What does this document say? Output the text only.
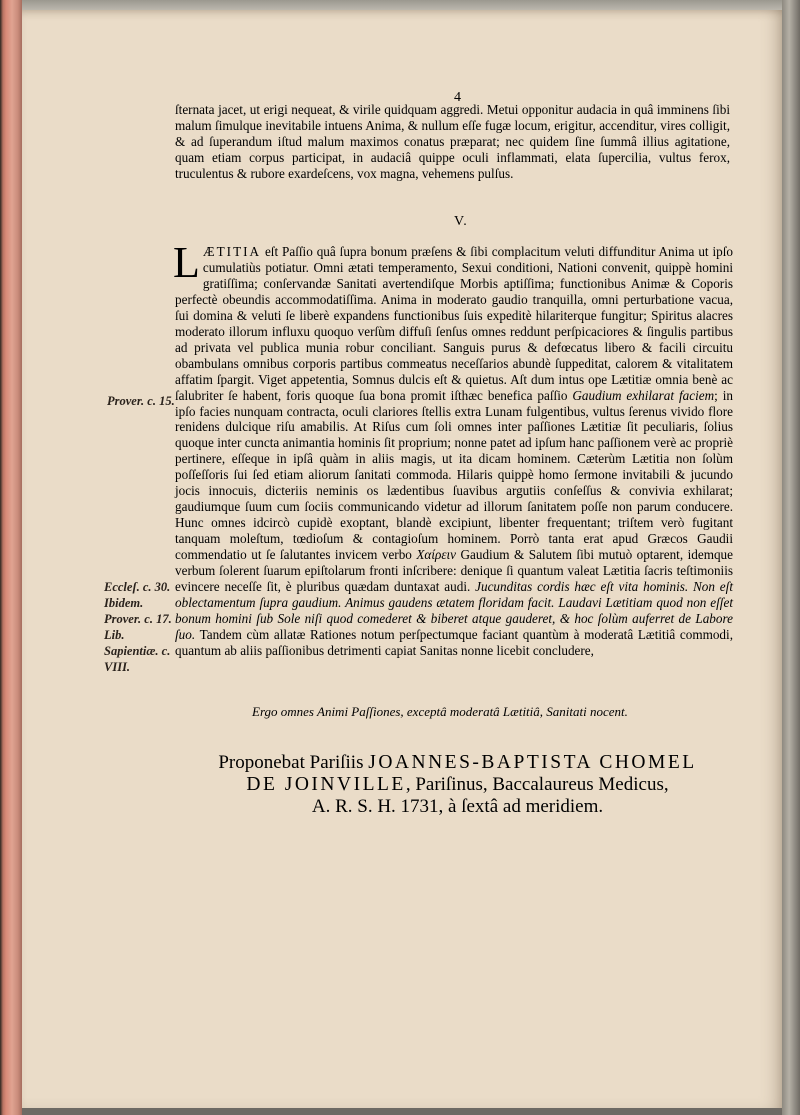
4
ſternata jacet, ut erigi nequeat, & virile quidquam aggredi. Metui opponitur audacia in quâ imminens ſibi malum ſimulque inevitabile intuens Anima, & nullum eſſe fugæ locum, erigitur, accenditur, vires colligit, & ad ſuperandum iſtud malum maximos conatus præparat; nec quidem ſine ſummâ illius agitatione, quam etiam corpus participat, in audaciâ quippe oculi inflammati, elata ſupercilia, vultus ferox, truculentus & rubore exardeſcens, vox magna, vehemens pulſus.
V.
LÆTITIA eſt Paſſio quâ ſupra bonum præſens & ſibi complacitum veluti diffunditur Anima ut ipſo cumulatiùs potiatur. Omni ætati temperamento, Sexui conditioni, Nationi convenit, quippè homini gratiſſima; conſervandæ Sanitati avertendiſque Morbis aptiſſima; functionibus Animæ & Coporis perfectè obeundis accommodatiſſima. Anima in moderato gaudio tranquilla, omni perturbatione vacua, ſui domina & veluti ſe liberè expandens functionibus ſuis expeditè hilariterque fungitur; Spiritus alacres moderato illorum influxu quoquo verſùm diffuſi ſenſus omnes reddunt perſpicaciores & ſingulis partibus ad privata vel publica munia robur conciliant. Sanguis purus & defœcatus libero & facili circuitu obambulans omnibus corporis partibus commeatus neceſſarios abundè ſuppeditat, calorem & vitalitatem affatim ſpargit. Viget appetentia, Somnus dulcis eſt & quietus. Aſt dum intus ope Lætitiæ omnia benè ac ſalubriter ſe habent, foris quoque ſua bona promit iſthæc benefica paſſio Gaudium exhilarat faciem; in ipſo facies nunquam contracta, oculi clariores ſtellis extra Lunam fulgentibus, vultus ſerenus vivido flore renidens dulcique riſu amabilis. At Riſus cum ſoli omnes inter paſſiones Lætitiæ ſit peculiaris, ſolius quoque inter cuncta animantia hominis ſit proprium; nonne patet ad ipſum hanc paſſionem verè ac propriè pertinere, eſſeque in ipſâ quàm in aliis magis, ut ita dicam hominem. Cæterùm Lætitia non ſolùm poſſeſſoris ſui ſed etiam aliorum ſanitati commoda. Hilaris quippè homo ſermone invitabili & jucundo jocis innocuis, dicteriis neminis os lædentibus ſuavibus argutiis conſeſſus & convivia exhilarat; gaudiumque ſuum cum ſociis communicando videtur ad illorum ſanitatem poſſe non parum conducere. Hunc omnes idcircò cupidè exoptant, blandè excipiunt, libenter frequentant; triſtem verò fugitant tanquam moleſtum, tœdioſum & contagioſum hominem. Porrò tanta erat apud Græcos Gaudii commendatio ut ſe ſalutantes invicem verbo Χαίρειν Gaudium & Salutem ſibi mutuò optarent, idemque verbum ſolerent ſuarum epiſtolarum fronti inſcribere: denique ſi quantum valeat Lætitia ſacris teſtimoniis evincere neceſſe ſit, è pluribus quædam duntaxat audi. Jucunditas cordis hæc eſt vita hominis. Non eſt oblectamentum ſupra gaudium. Animus gaudens ætatem floridam facit. Laudavi Lætitiam quod non eſſet bonum homini ſub Sole niſi quod comederet & biberet atque gauderet, & hoc ſolùm auferret de Labore ſuo. Tandem cùm allatæ Rationes notum perſpectumque faciant quantùm à moderatâ Lætitiâ commodi, quantum ab aliis paſſionibus detrimenti capiat Sanitas nonne licebit concludere,
Prover. c. 15.
Eccleſ. c. 30. Ibidem. Prover. c. 17. Lib. Sapientiæ. c. VIII.
Ergo omnes Animi Paſſiones, exceptâ moderatâ Lætitiâ, Sanitati nocent.
Proponebat Pariſiis JOANNES-BAPTISTA CHOMEL
DE JOINVILLE, Pariſinus, Baccalaureus Medicus,
A. R. S. H. 1731, à ſextâ ad meridiem.
